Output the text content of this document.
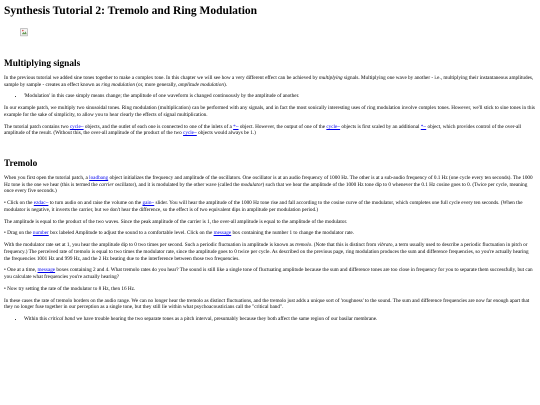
Synthesis Tutorial 2: Tremolo and Ring Modulation
Multiplying signals

In the previous tutorial we added sine tones together to make a complex tone. In this chapter we will see how a very different effect can be achieved by multiplying signals. Multiplying one wave by another - i.e., multiplying their instantaneous amplitudes, sample by sample - creates an effect known as ring modulation (or, more generally, amplitude modulation).

• 'Modulation' in this case simply means change; the amplitude of one waveform is changed continuously by the amplitude of another.

In our example patch, we multiply two sinusoidal tones. Ring modulation (multiplication) can be performed with any signals, and in fact the most sonically interesting uses of ring modulation involve complex tones. However, we'll stick to sine tones in this example for the sake of simplicity, to allow you to hear clearly the effects of signal multiplication.

The tutorial patch contains two cycle~ objects, and the outlet of each one is connected to one of the inlets of a *~ object. However, the output of one of the cycle~ objects is first scaled by an additional *~ object, which provides control of the over-all amplitude of the result. (Without this, the over-all amplitude of the product of the two cycle~ objects would always be 1.)

Tremolo

When you first open the tutorial patch, a loadbang object initializes the frequency and amplitude of the oscillators. One oscillator is at an audio frequency of 1000 Hz. The other is at a sub-audio frequency of 0.1 Hz (one cycle every ten seconds). The 1000 Hz tone is the one we hear (this is termed the carrier oscillator), and it is modulated by the other wave (called the modulator) such that we hear the amplitude of the 1000 Hz tone dip to 0 whenever the 0.1 Hz cosine goes to 0. (Twice per cycle, meaning once every five seconds.)

• Click on the ezdac~ to turn audio on and raise the volume on the gain~ slider. You will hear the amplitude of the 1000 Hz tone rise and fall according to the cosine curve of the modulator, which completes one full cycle every ten seconds. (When the modulator is negative, it inverts the carrier, but we don't hear the difference, so the effect is of two equivalent dips in amplitude per modulation period.)

The amplitude is equal to the product of the two waves. Since the peak amplitude of the carrier is 1, the over-all amplitude is equal to the amplitude of the modulator.

• Drag on the number box labeled Amplitude to adjust the sound to a comfortable level. Click on the message box containing the number 1 to change the modulator rate.

With the modulator rate set at 1, you hear the amplitude dip to 0 two times per second. Such a periodic fluctuation in amplitude is known as tremolo. (Note that this is distinct from vibrato, a term usually used to describe a periodic fluctuation in pitch or frequency.) The perceived rate of tremolo is equal to two times the modulator rate, since the amplitude goes to 0 twice per cycle. As described on the previous page, ring modulation produces the sum and difference frequencies, so you're actually hearing the frequencies 1001 Hz and 999 Hz, and the 2 Hz beating due to the interference between those two frequencies.

• One at a time, message boxes containing 2 and 4. What tremolo rates do you hear? The sound is still like a single tone of fluctuating amplitude because the sum and difference tones are too close in frequency for you to separate them successfully, but can you calculate what frequencies you're actually hearing?

• Now try setting the rate of the modulator to 8 Hz, then 16 Hz.

In these cases the rate of tremolo borders on the audio range. We can no longer hear the tremolo as distinct fluctuations, and the tremolo just adds a unique sort of 'roughness' to the sound. The sum and difference frequencies are now far enough apart that they no longer fuse together in our perception as a single tone, but they still lie within what psychoacousticians call the "critical band".

• Within this critical band we have trouble hearing the two separate tones as a pitch interval, presumably because they both affect the same region of our basilar membrane.
